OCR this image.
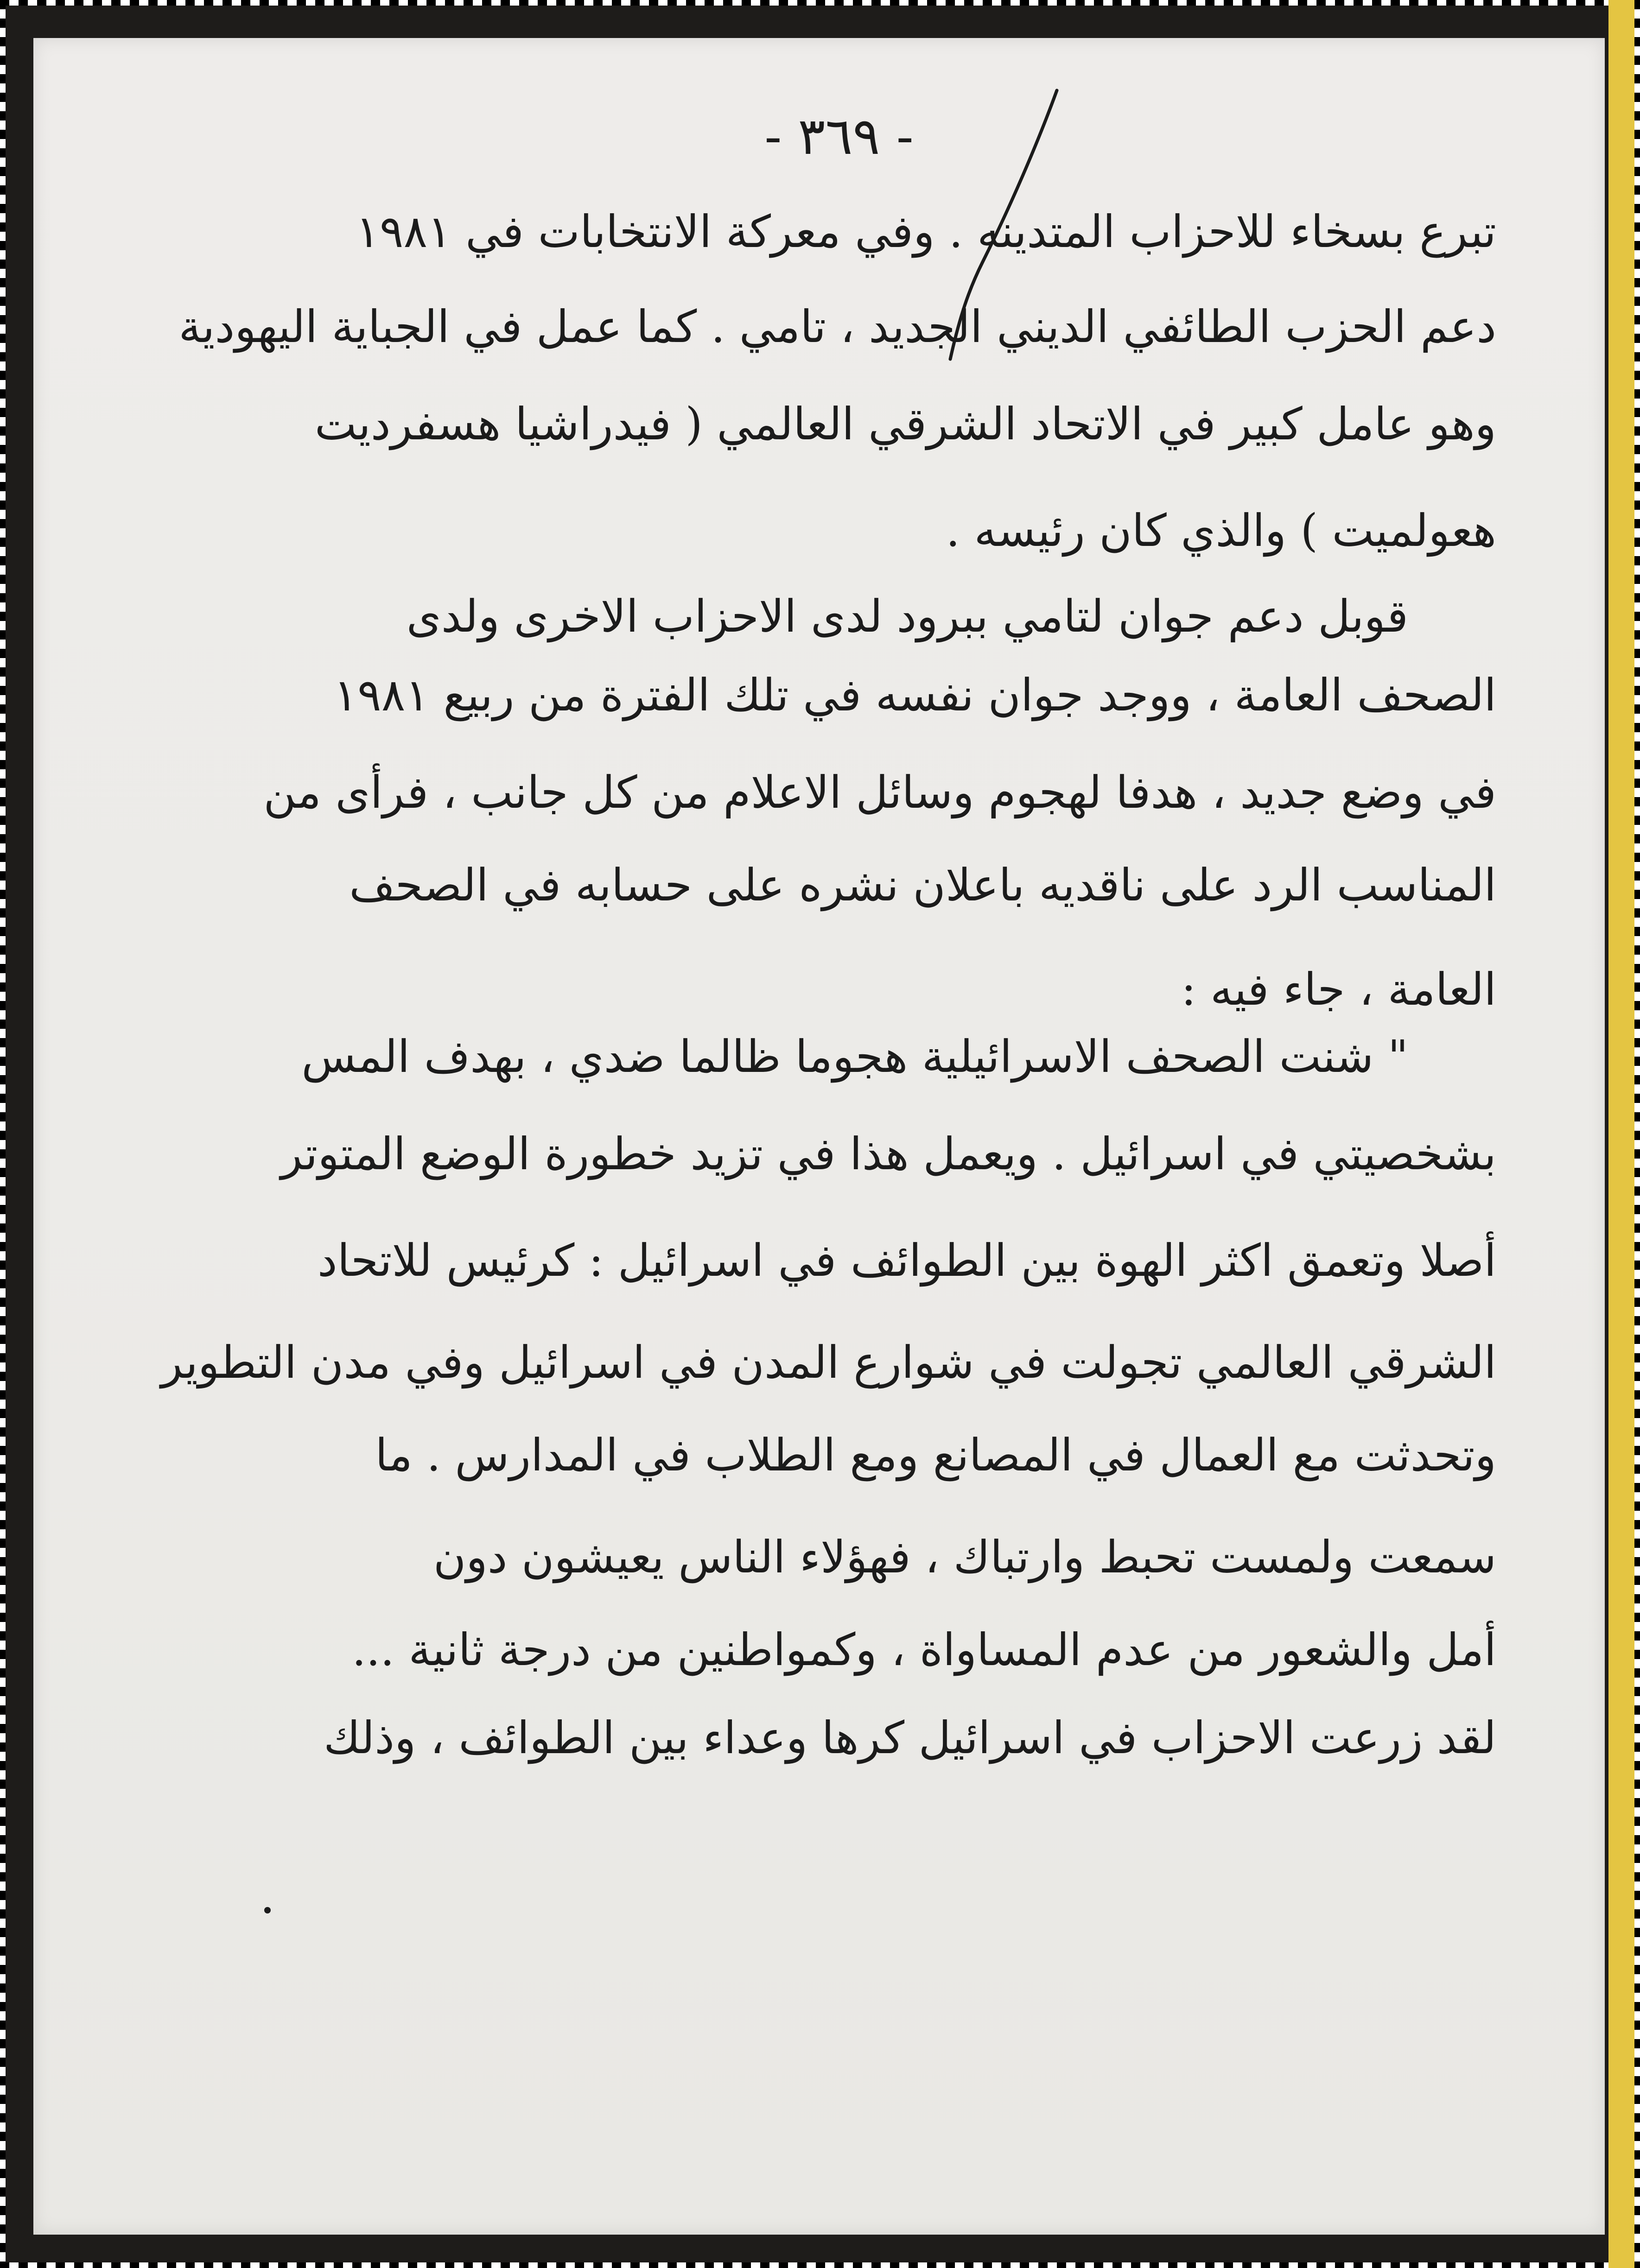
- ٣٦٩ -
تبرع بسخاء للاحزاب المتدينه . وفي معركة الانتخابات في ١٩٨١
دعم الحزب الطائفي الديني الجديد ، تامي . كما عمل في الجباية اليهودية
وهو عامل كبير في الاتحاد الشرقي العالمي ( فيدراشيا هسفرديت
هعولميت ) والذي كان رئيسه .
قوبل دعم جوان لتامي ببرود لدى الاحزاب الاخرى ولدى
الصحف العامة ، ووجد جوان نفسه في تلك الفترة من ربيع ١٩٨١
في وضع جديد ، هدفا لهجوم وسائل الاعلام من كل جانب ، فرأى من
المناسب الرد على ناقديه باعلان نشره على حسابه في الصحف
العامة ، جاء فيه :
" شنت الصحف الاسرائيلية هجوما ظالما ضدي ، بهدف المس
بشخصيتي في اسرائيل . ويعمل هذا في تزيد خطورة الوضع المتوتر
أصلا وتعمق اكثر الهوة بين الطوائف في اسرائيل : كرئيس للاتحاد
الشرقي العالمي تجولت في شوارع المدن في اسرائيل وفي مدن التطوير
وتحدثت مع العمال في المصانع ومع الطلاب في المدارس . ما
سمعت ولمست تحبط وارتباك ، فهؤلاء الناس يعيشون دون
أمل والشعور من عدم المساواة ، وكمواطنين من درجة ثانية ...
لقد زرعت الاحزاب في اسرائيل كرها وعداء بين الطوائف ، وذلك
